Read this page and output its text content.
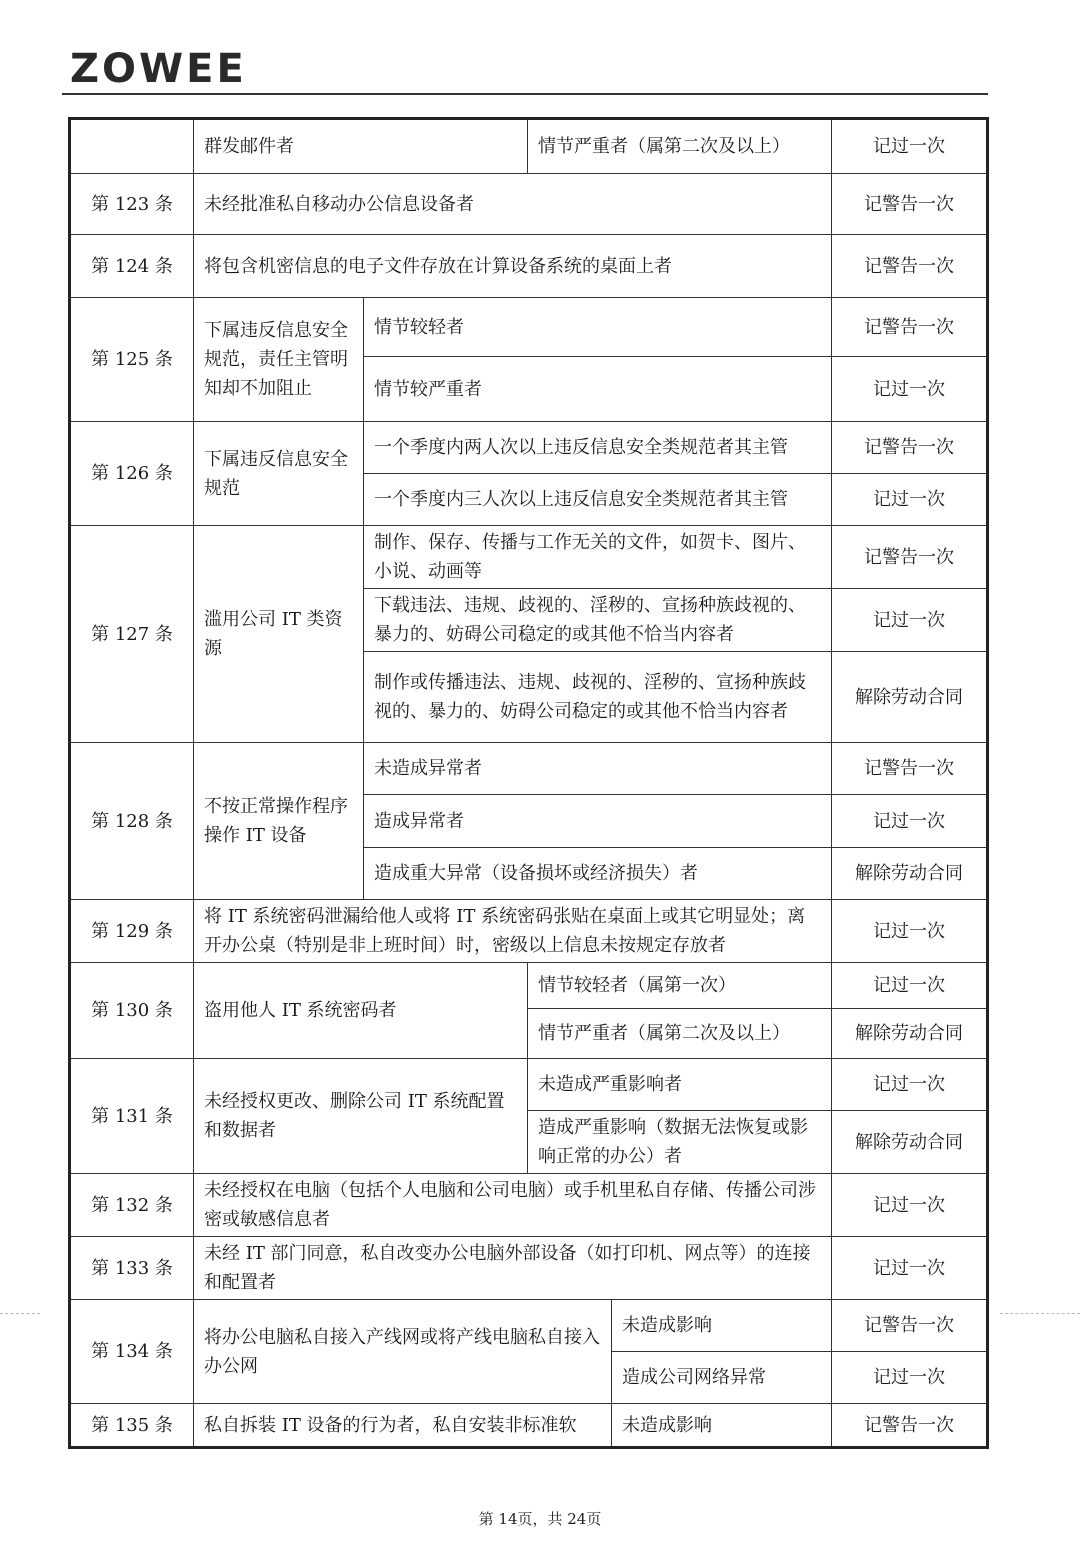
ZOWEE
	群发邮件者		情节严重者（属第二次及以上）		记过一次
第 123 条	未经批准私自移动办公信息设备者				记警告一次
第 124 条	将包含机密信息的电子文件存放在计算设备系统的桌面上者				记警告一次
第 125 条	下属违反信息安全规范，责任主管明知却不加阻止	情节较轻者			记警告一次
		情节较严重者			记过一次
第 126 条	下属违反信息安全规范	一个季度内两人次以上违反信息安全类规范者其主管			记警告一次
		一个季度内三人次以上违反信息安全类规范者其主管			记过一次
第 127 条	滥用公司 IT 类资源	制作、保存、传播与工作无关的文件，如贺卡、图片、小说、动画等			记警告一次
		下载违法、违规、歧视的、淫秽的、宣扬种族歧视的、暴力的、妨碍公司稳定的或其他不恰当内容者			记过一次
		制作或传播违法、违规、歧视的、淫秽的、宣扬种族歧视的、暴力的、妨碍公司稳定的或其他不恰当内容者			解除劳动合同
第 128 条	不按正常操作程序操作 IT 设备	未造成异常者			记警告一次
		造成异常者			记过一次
		造成重大异常（设备损坏或经济损失）者			解除劳动合同
第 129 条	将 IT 系统密码泄漏给他人或将 IT 系统密码张贴在桌面上或其它明显处；离开办公桌（特别是非上班时间）时，密级以上信息未按规定存放者				记过一次
第 130 条	盗用他人 IT 系统密码者		情节较轻者（属第一次）		记过一次
			情节严重者（属第二次及以上）		解除劳动合同
第 131 条	未经授权更改、删除公司 IT 系统配置和数据者		未造成严重影响者		记过一次
			造成严重影响（数据无法恢复或影响正常的办公）者		解除劳动合同
第 132 条	未经授权在电脑（包括个人电脑和公司电脑）或手机里私自存储、传播公司涉密或敏感信息者				记过一次
第 133 条	未经 IT 部门同意，私自改变办公电脑外部设备（如打印机、网点等）的连接和配置者				记过一次
第 134 条	将办公电脑私自接入产线网或将产线电脑私自接入办公网			未造成影响	记警告一次
				造成公司网络异常	记过一次
第 135 条	私自拆装 IT 设备的行为者，私自安装非标准软			未造成影响	记警告一次
第 14页，共 24页
